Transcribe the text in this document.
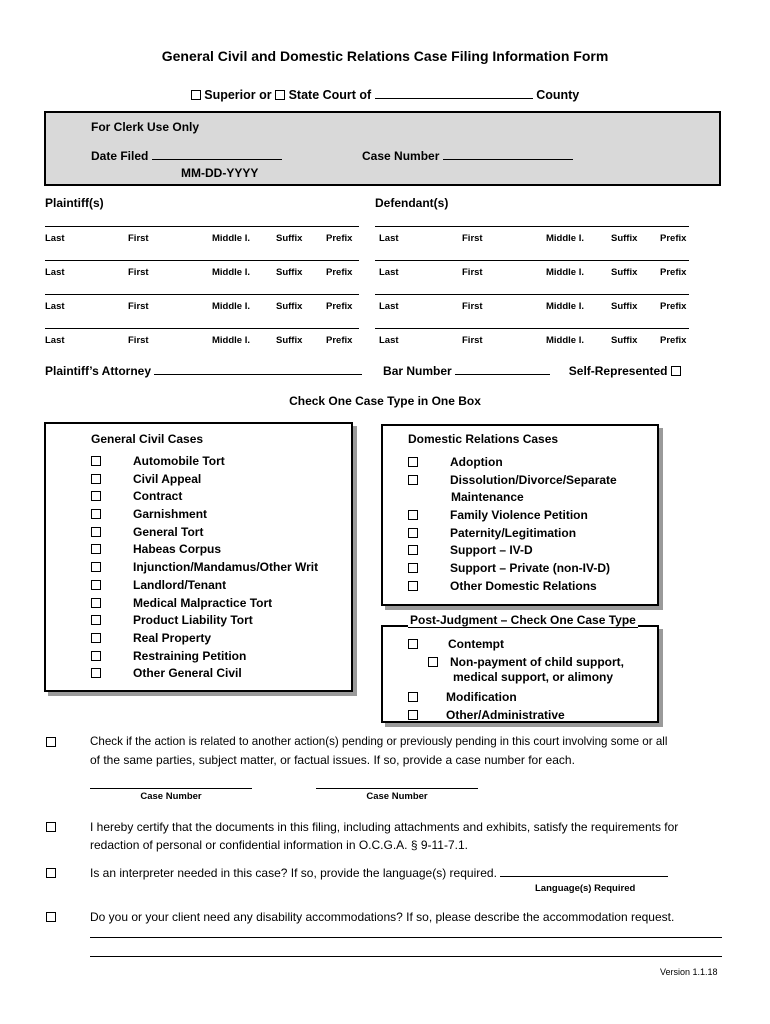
General Civil and Domestic Relations Case Filing Information Form
Superior or State Court of	County
For Clerk Use Only
Date Filed
MM-DD-YYYY
Case Number
Plaintiff(s)	Defendant(s)
Last	First	Middle I.	Suffix Prefix
Last	First	Middle I.	Suffix Prefix
Last	First	Middle I.	Suffix Prefix
Last	First	Middle I.	Suffix Prefix
Last	First	Middle I.	Suffix Prefix
Last	First	Middle I.	Suffix Prefix
Last	First	Middle I.	Suffix Prefix
Last	First	Middle I.	Suffix Prefix
Plaintiff’s Attorney	Bar Number	Self-Represented
Check One Case Type in One Box
General Civil Cases
Automobile Tort
Civil Appeal
Contract
Garnishment
General Tort
Habeas Corpus
Injunction/Mandamus/Other Writ
Landlord/Tenant
Medical Malpractice Tort
Product Liability Tort
Real Property
Restraining Petition
Other General Civil
Domestic Relations Cases
Adoption
Dissolution/Divorce/Separate
Maintenance
Family Violence Petition
Paternity/Legitimation
Support – IV-D
Support – Private (non-IV-D)
Other Domestic Relations
Post-Judgment – Check One Case Type
Contempt
Non-payment of child support,
medical support, or alimony
Modification
Other/Administrative
Check if the action is related to another action(s) pending or previously pending in this court involving some or all
of the same parties, subject matter, or factual issues. If so, provide a case number for each.
Case Number	Case Number
I hereby certify that the documents in this filing, including attachments and exhibits, satisfy the requirements for
redaction of personal or confidential information in O.C.G.A. § 9-11-7.1.
Is an interpreter needed in this case? If so, provide the language(s) required.
Language(s) Required
Do you or your client need any disability accommodations? If so, please describe the accommodation request.
Version 1.1.18
